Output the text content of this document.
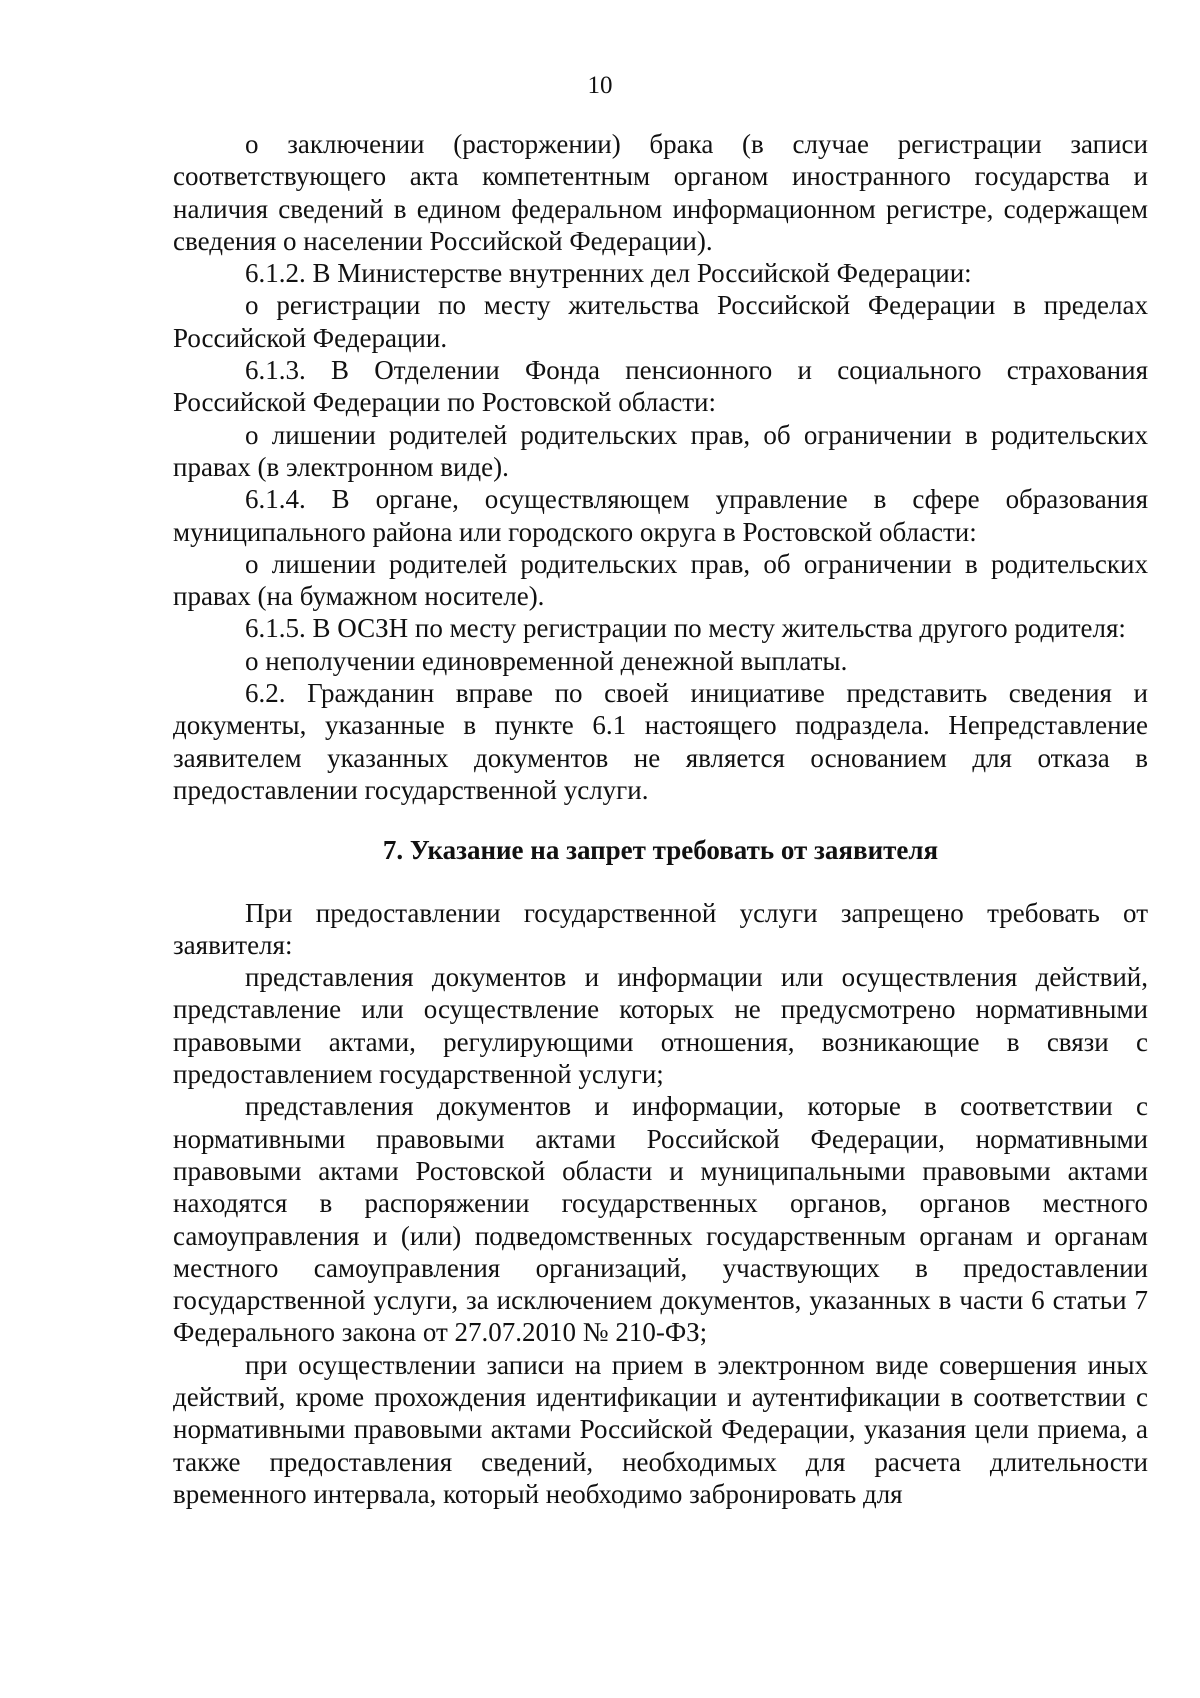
10

о заключении (расторжении) брака (в случае регистрации записи соответствующего акта компетентным органом иностранного государства и наличия сведений в едином федеральном информационном регистре, содержащем сведения о населении Российской Федерации).

6.1.2. В Министерстве внутренних дел Российской Федерации:

о регистрации по месту жительства Российской Федерации в пределах Российской Федерации.

6.1.3. В Отделении Фонда пенсионного и социального страхования Российской Федерации по Ростовской области:

о лишении родителей родительских прав, об ограничении в родительских правах (в электронном виде).

6.1.4. В органе, осуществляющем управление в сфере образования муниципального района или городского округа в Ростовской области:

о лишении родителей родительских прав, об ограничении в родительских правах (на бумажном носителе).

6.1.5. В ОСЗН по месту регистрации по месту жительства другого родителя:

о неполучении единовременной денежной выплаты.

6.2. Гражданин вправе по своей инициативе представить сведения и документы, указанные в пункте 6.1 настоящего подраздела. Непредставление заявителем указанных документов не является основанием для отказа в предоставлении государственной услуги.

7. Указание на запрет требовать от заявителя

При предоставлении государственной услуги запрещено требовать от заявителя:

представления документов и информации или осуществления действий, представление или осуществление которых не предусмотрено нормативными правовыми актами, регулирующими отношения, возникающие в связи с предоставлением государственной услуги;

представления документов и информации, которые в соответствии с нормативными правовыми актами Российской Федерации, нормативными правовыми актами Ростовской области и муниципальными правовыми актами находятся в распоряжении государственных органов, органов местного самоуправления и (или) подведомственных государственным органам и органам местного самоуправления организаций, участвующих в предоставлении государственной услуги, за исключением документов, указанных в части 6 статьи 7 Федерального закона от 27.07.2010 № 210-ФЗ;

при осуществлении записи на прием в электронном виде совершения иных действий, кроме прохождения идентификации и аутентификации в соответствии с нормативными правовыми актами Российской Федерации, указания цели приема, а также предоставления сведений, необходимых для расчета длительности временного интервала, который необходимо забронировать для
